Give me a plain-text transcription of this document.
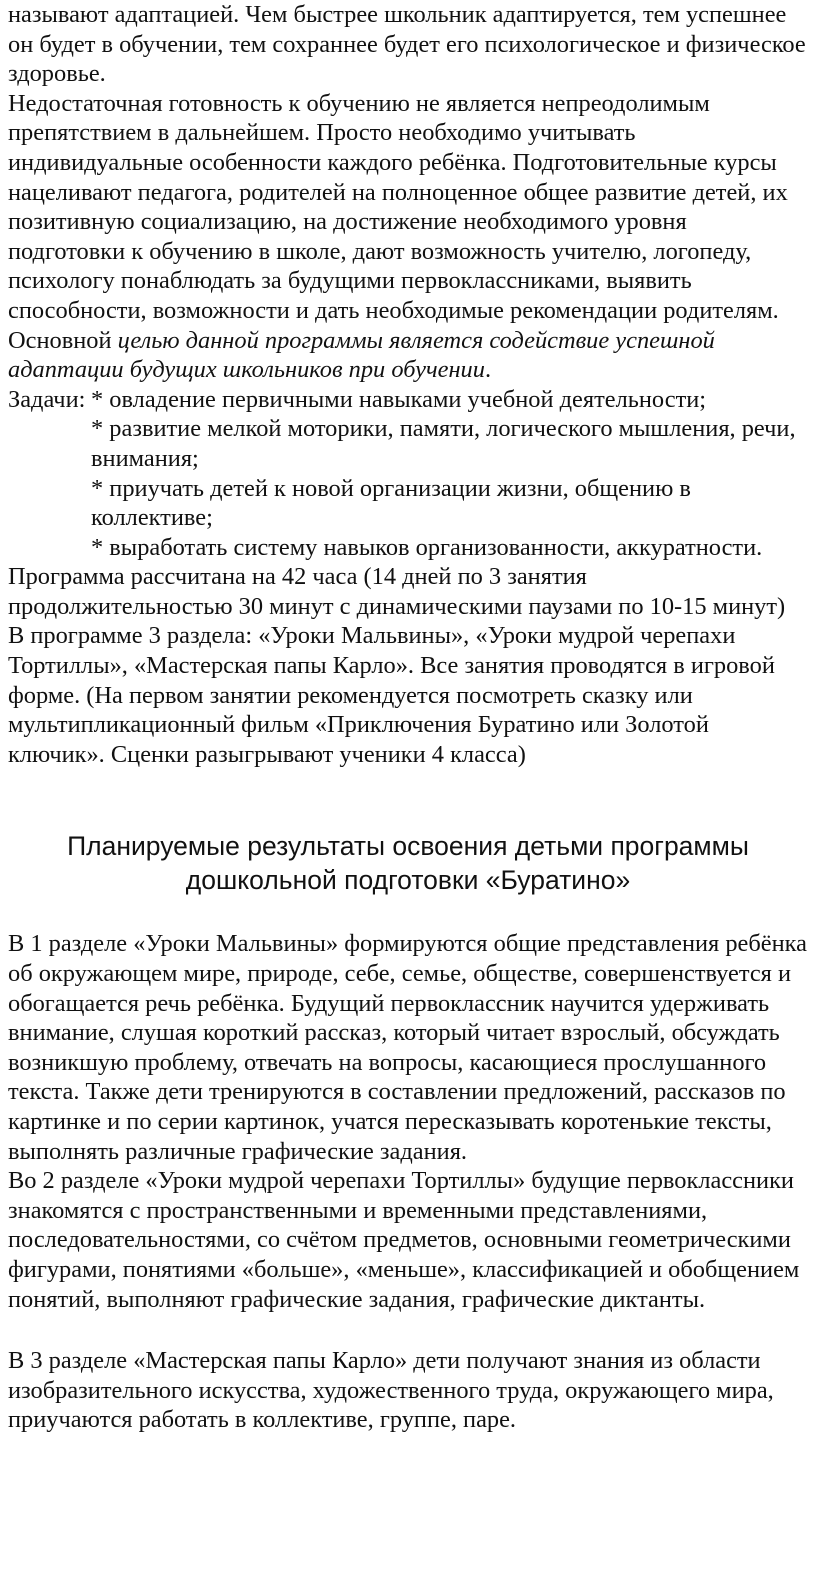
называют адаптацией. Чем быстрее школьник адаптируется, тем успешнее он будет в обучении, тем сохраннее будет его психологическое и физическое здоровье.

Недостаточная готовность к обучению не является непреодолимым препятствием в дальнейшем. Просто необходимо учитывать индивидуальные особенности каждого ребёнка. Подготовительные курсы нацеливают педагога, родителей на полноценное общее развитие детей, их позитивную социализацию, на достижение необходимого уровня подготовки к обучению в школе, дают возможность учителю, логопеду, психологу понаблюдать за будущими первоклассниками, выявить способности, возможности и дать необходимые рекомендации родителям.

Основной целью данной программы является содействие успешной адаптации будущих школьников при обучении.

Задачи: * овладение первичными навыками учебной деятельности;

* развитие мелкой моторики, памяти, логического мышления, речи, внимания;

* приучать детей к новой организации жизни, общению в коллективе;

* выработать систему навыков организованности, аккуратности.

Программа рассчитана на 42 часа (14 дней по 3 занятия продолжительностью 30 минут с динамическими паузами по 10-15 минут)

В программе 3 раздела: «Уроки Мальвины», «Уроки мудрой черепахи Тортиллы», «Мастерская папы Карло». Все занятия проводятся в игровой форме. (На первом занятии рекомендуется посмотреть сказку или мультипликационный фильм «Приключения Буратино или Золотой ключик». Сценки разыгрывают ученики 4 класса)

Планируемые результаты освоения детьми программы
дошкольной подготовки «Буратино»

В 1 разделе «Уроки Мальвины» формируются общие представления ребёнка об окружающем мире, природе, себе, семье, обществе, совершенствуется и обогащается речь ребёнка. Будущий первоклассник научится удерживать внимание, слушая короткий рассказ, который читает взрослый, обсуждать возникшую проблему, отвечать на вопросы, касающиеся прослушанного текста. Также дети тренируются в составлении предложений, рассказов по картинке и по серии картинок, учатся пересказывать коротенькие тексты, выполнять различные графические задания.

Во 2 разделе «Уроки мудрой черепахи Тортиллы» будущие первоклассники знакомятся с пространственными и временными представлениями, последовательностями, со счётом предметов, основными геометрическими фигурами, понятиями «больше», «меньше», классификацией и обобщением понятий, выполняют графические задания, графические диктанты.

В 3 разделе «Мастерская папы Карло» дети получают знания из области изобразительного искусства, художественного труда, окружающего мира, приучаются работать в коллективе, группе, паре.
